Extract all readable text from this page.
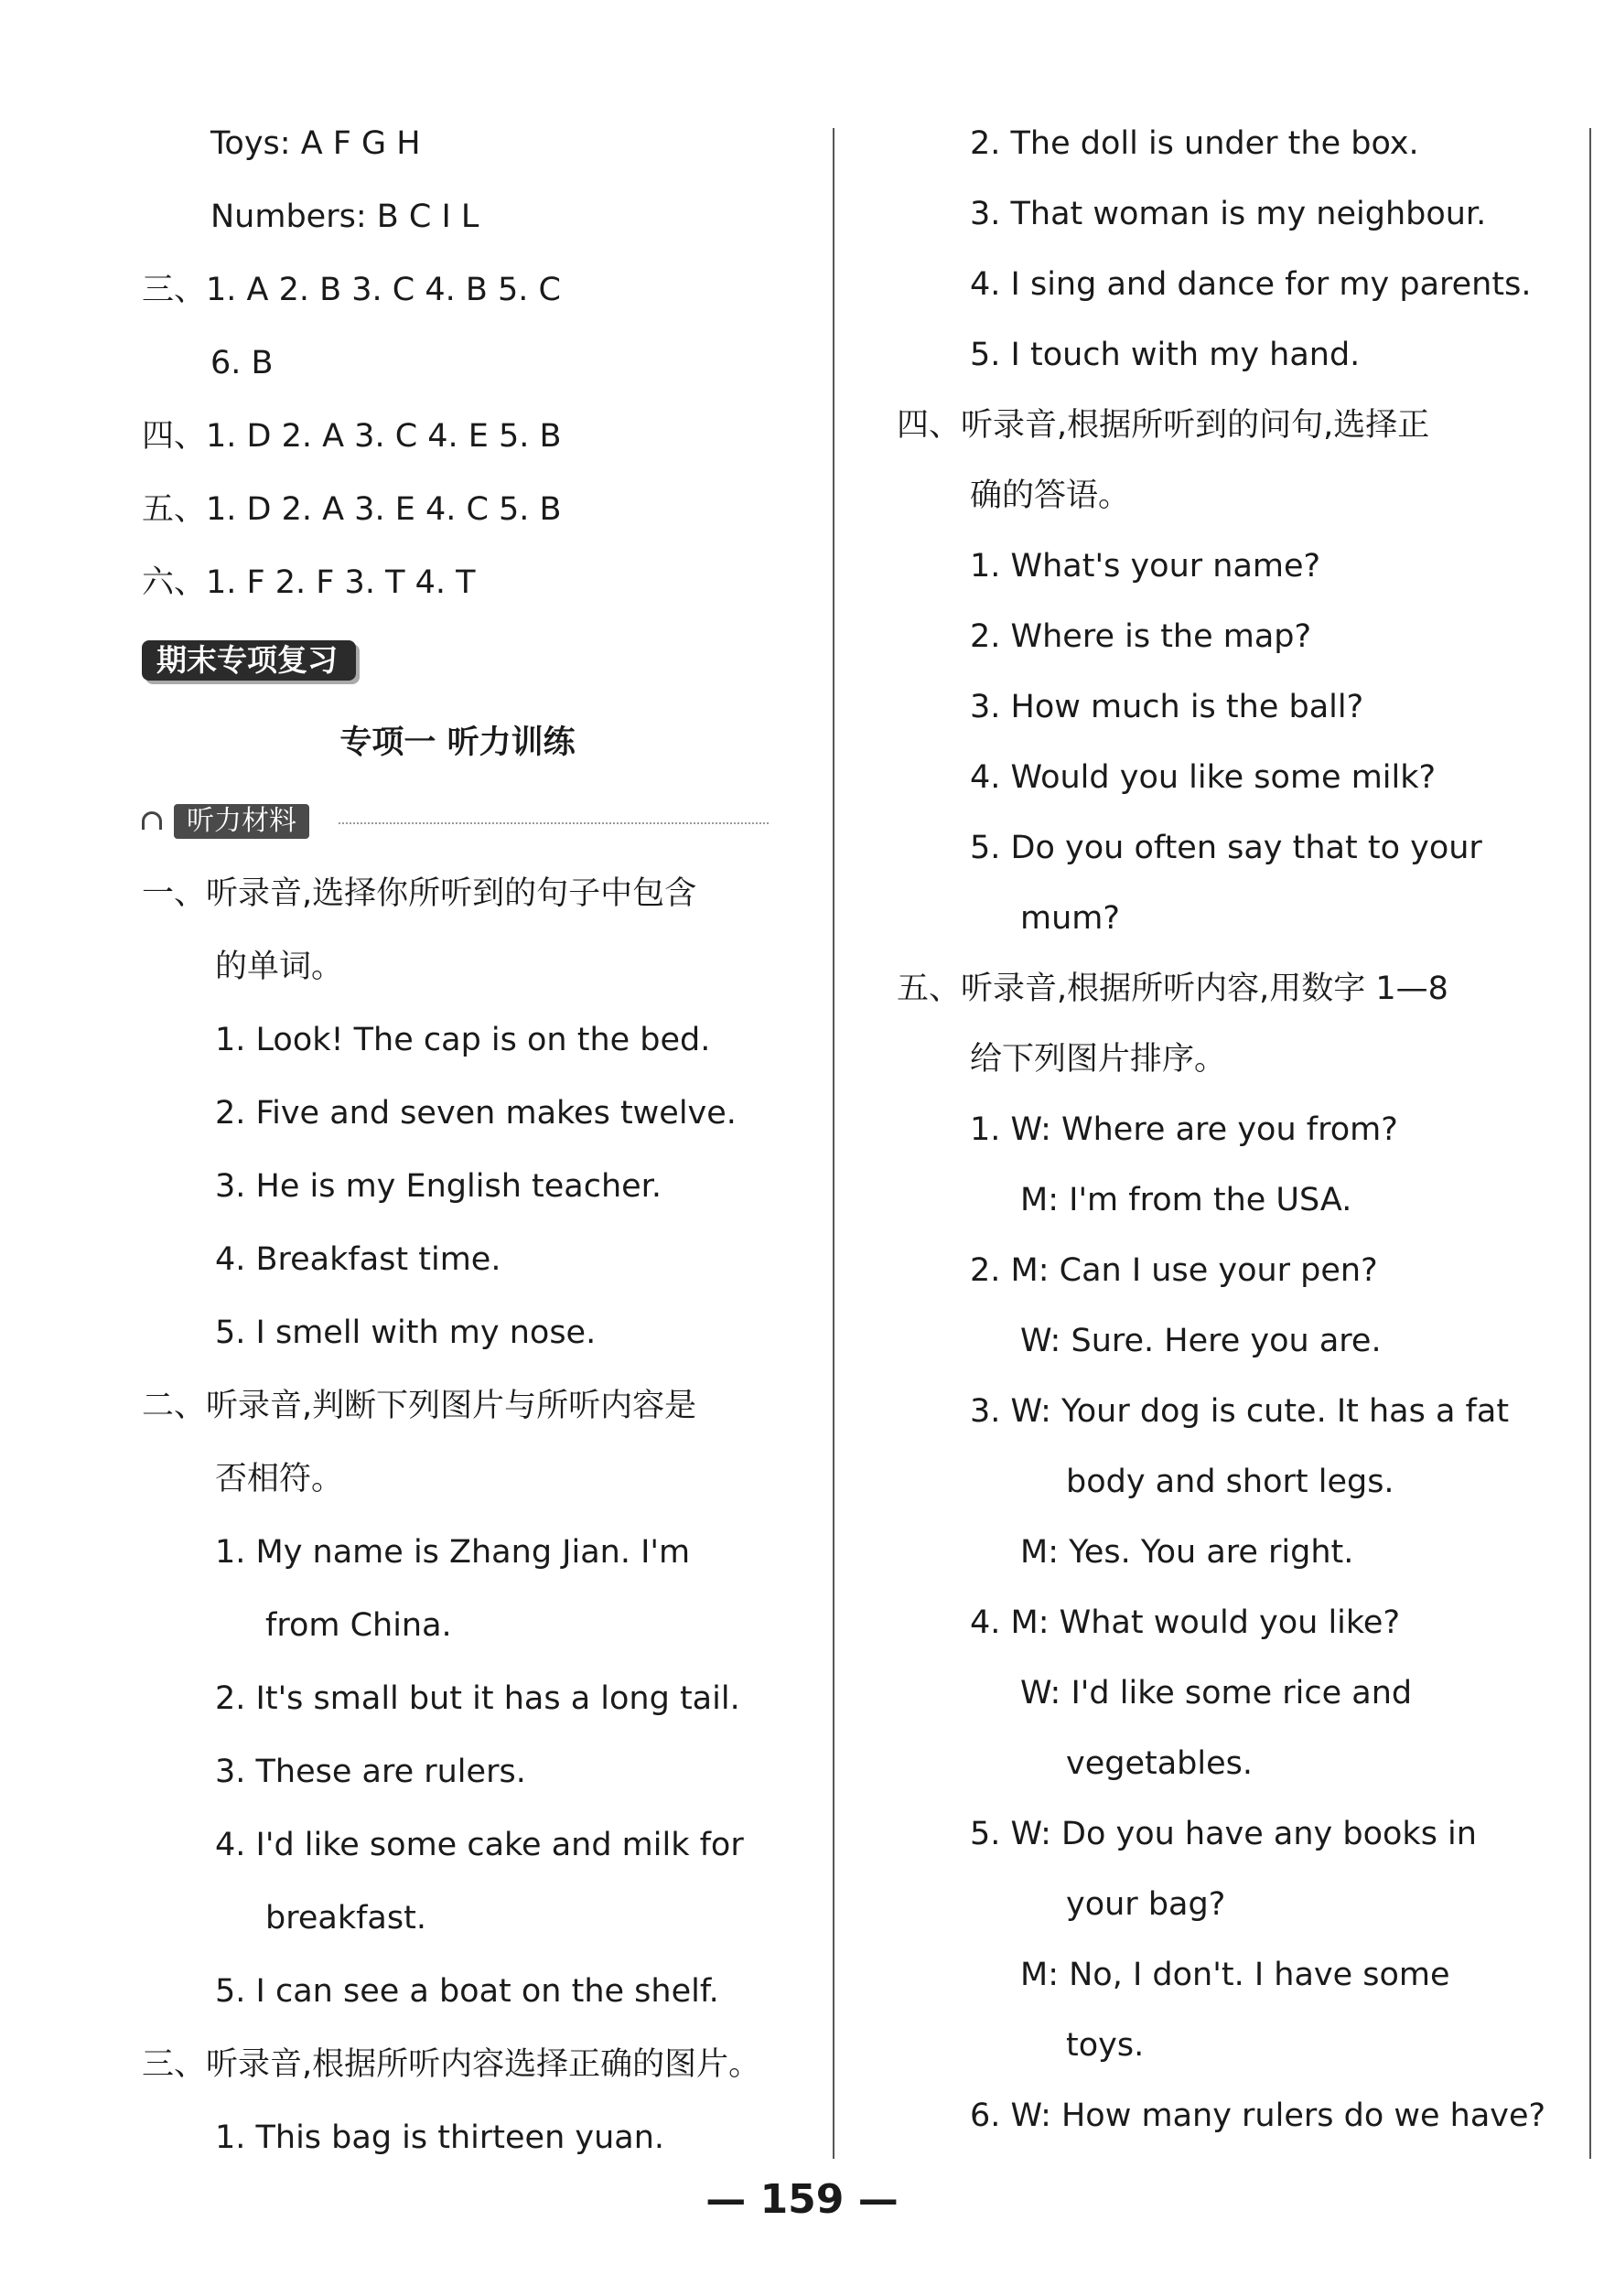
Toys: A F G H
Numbers: B C I L
三、1. A 2. B 3. C 4. B 5. C
6. B
四、1. D 2. A 3. C 4. E 5. B
五、1. D 2. A 3. E 4. C 5. B
六、1. F 2. F 3. T 4. T
期末专项复习
专项一 听力训练
听力材料
一、听录音,选择你所听到的句子中包含
的单词。
1. Look! The cap is on the bed.
2. Five and seven makes twelve.
3. He is my English teacher.
4. Breakfast time.
5. I smell with my nose.
二、听录音,判断下列图片与所听内容是
否相符。
1. My name is Zhang Jian. I'm
from China.
2. It's small but it has a long tail.
3. These are rulers.
4. I'd like some cake and milk for
breakfast.
5. I can see a boat on the shelf.
三、听录音,根据所听内容选择正确的图片。
1. This bag is thirteen yuan.
2. The doll is under the box.
3. That woman is my neighbour.
4. I sing and dance for my parents.
5. I touch with my hand.
四、听录音,根据所听到的问句,选择正
确的答语。
1. What's your name?
2. Where is the map?
3. How much is the ball?
4. Would you like some milk?
5. Do you often say that to your
mum?
五、听录音,根据所听内容,用数字 1—8
给下列图片排序。
1. W: Where are you from?
M: I'm from the USA.
2. M: Can I use your pen?
W: Sure. Here you are.
3. W: Your dog is cute. It has a fat
body and short legs.
M: Yes. You are right.
4. M: What would you like?
W: I'd like some rice and
vegetables.
5. W: Do you have any books in
your bag?
M: No, I don't. I have some
toys.
6. W: How many rulers do we have?
— 159 —
